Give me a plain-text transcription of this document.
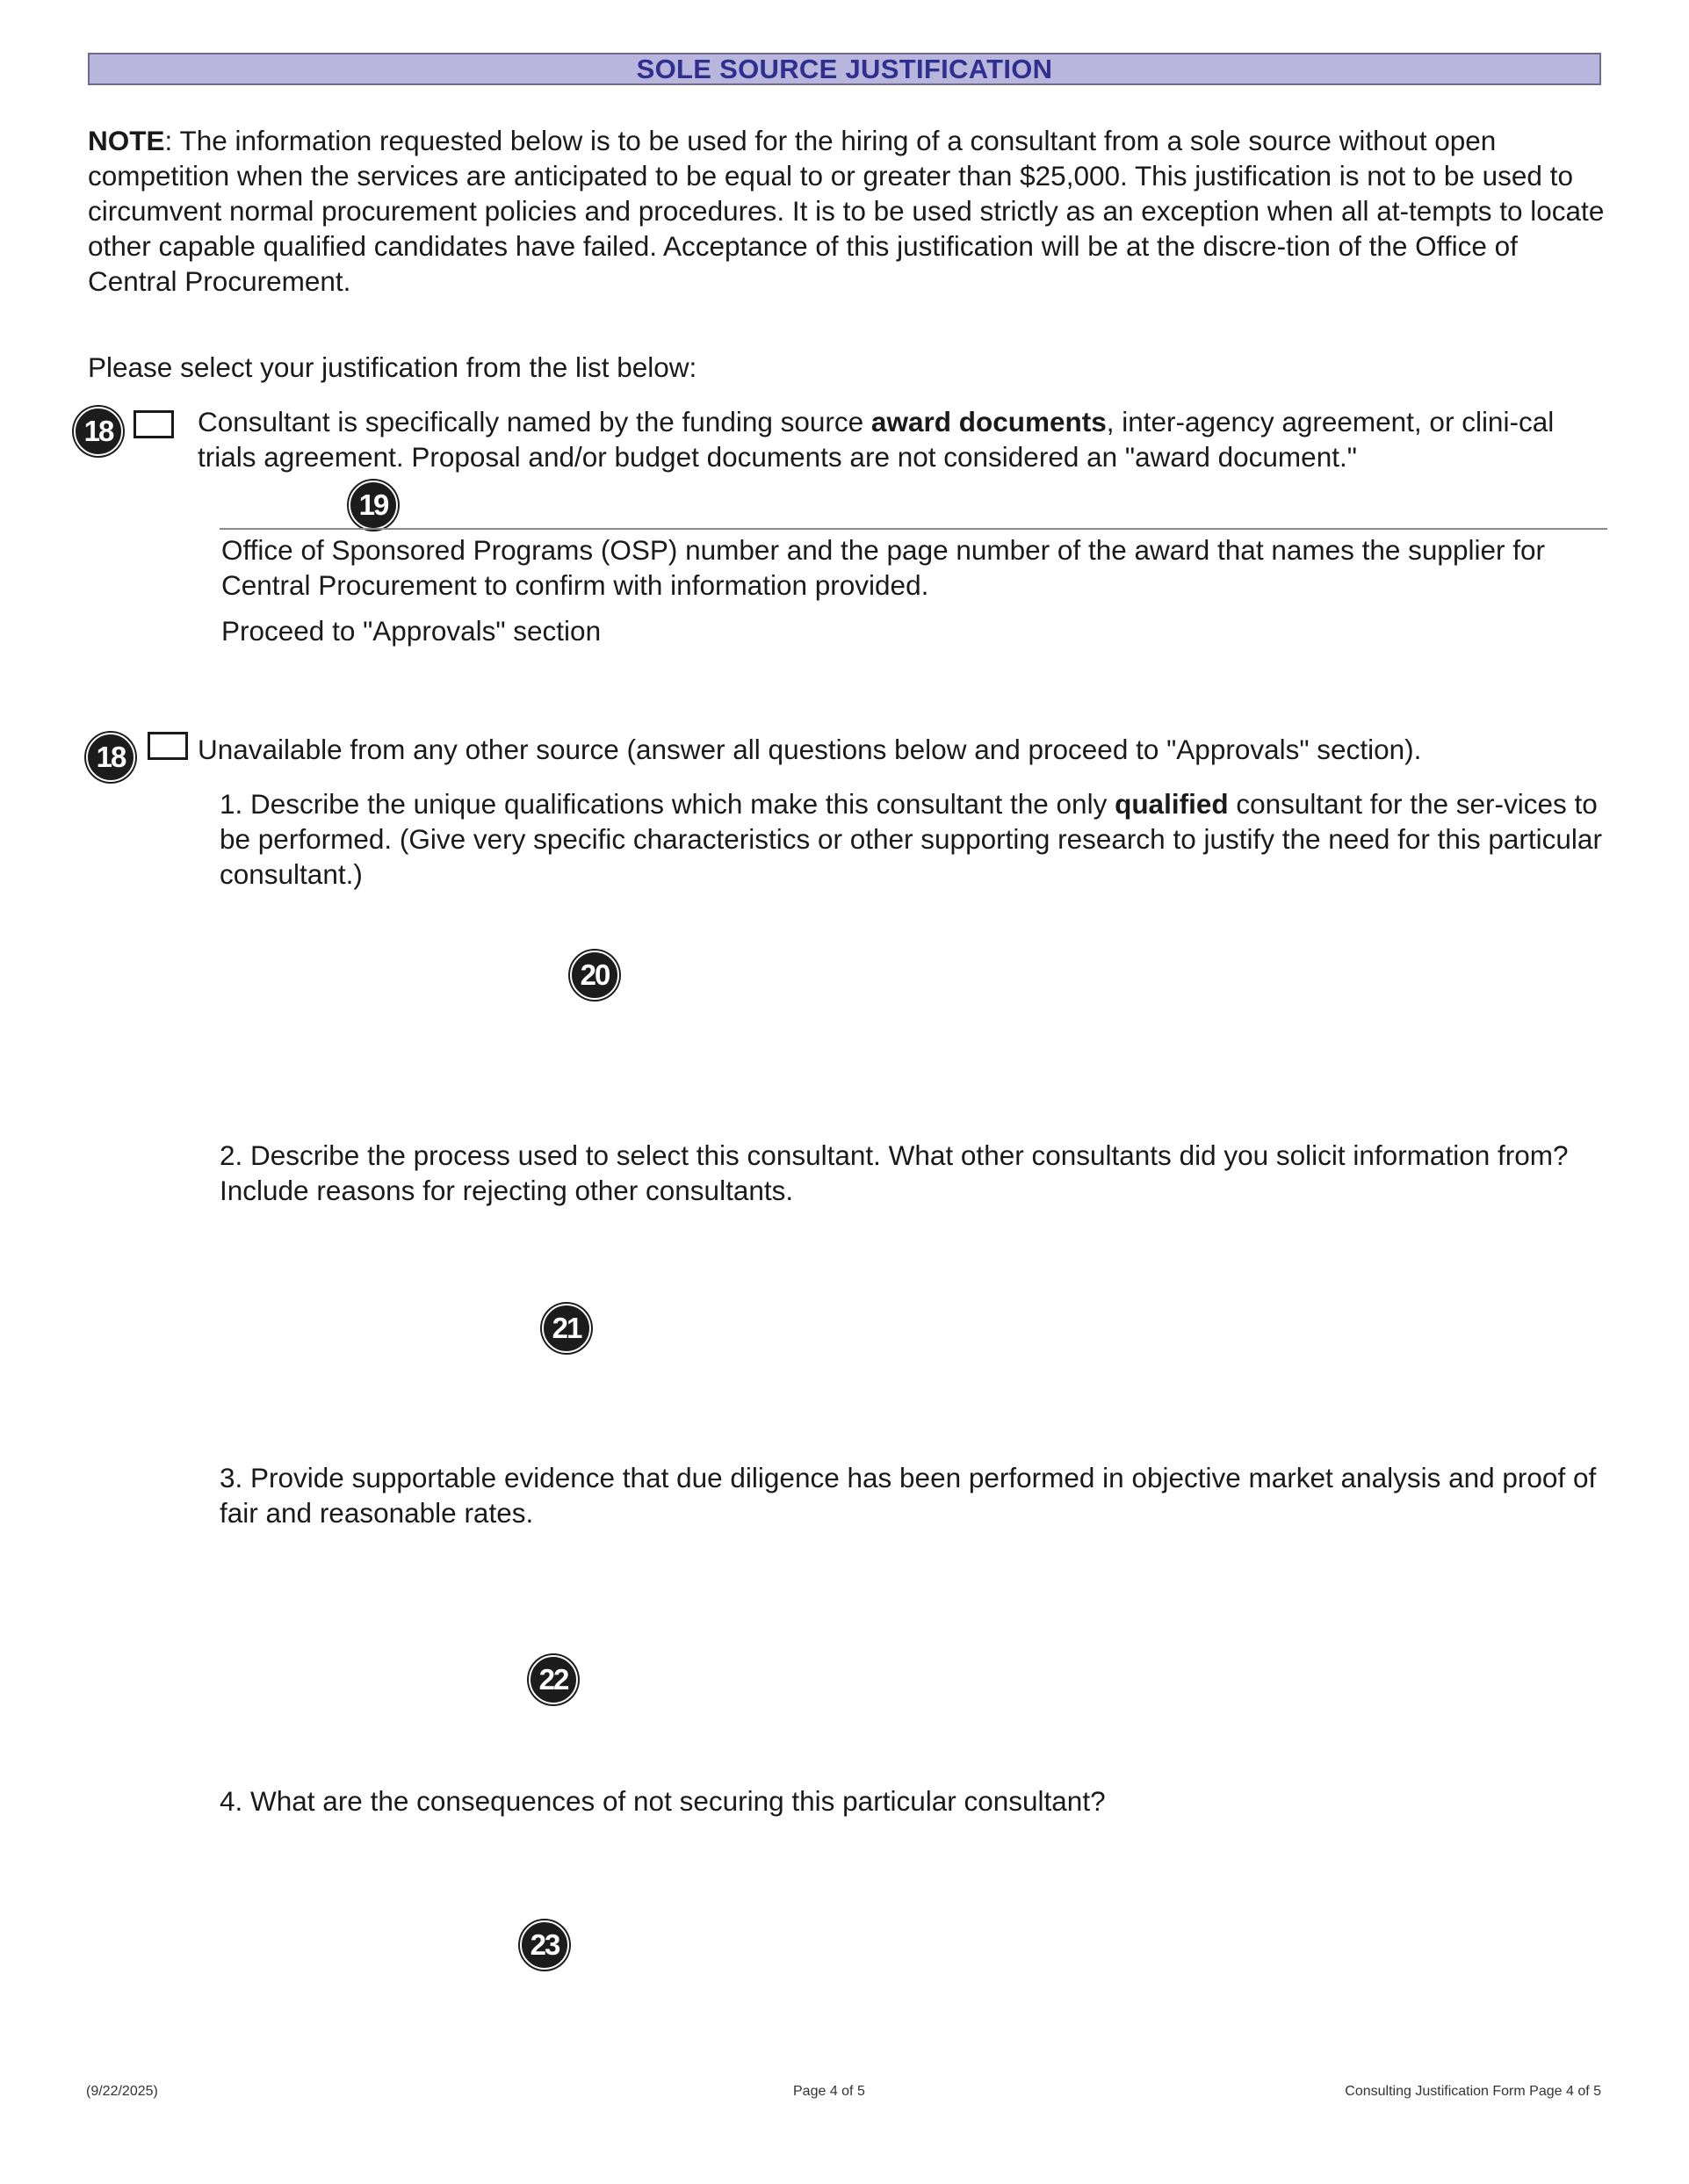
SOLE SOURCE JUSTIFICATION
NOTE: The information requested below is to be used for the hiring of a consultant from a sole source without open competition when the services are anticipated to be equal to or greater than $25,000. This justification is not to be used to circumvent normal procurement policies and procedures. It is to be used strictly as an exception when all at-tempts to locate other capable qualified candidates have failed. Acceptance of this justification will be at the discre-tion of the Office of Central Procurement.
Please select your justification from the list below:
18	Consultant is specifically named by the funding source award documents, inter-agency agreement, or clini-cal trials agreement. Proposal and/or budget documents are not considered an "award document."
19
Office of Sponsored Programs (OSP) number and the page number of the award that names the supplier for Central Procurement to confirm with information provided.
Proceed to "Approvals" section
18	Unavailable from any other source (answer all questions below and proceed to "Approvals" section).
1. Describe the unique qualifications which make this consultant the only qualified consultant for the ser-vices to be performed. (Give very specific characteristics or other supporting research to justify the need for this particular consultant.)
20
2. Describe the process used to select this consultant. What other consultants did you solicit information from? Include reasons for rejecting other consultants.
21
3. Provide supportable evidence that due diligence has been performed in objective market analysis and proof of fair and reasonable rates.
22
4. What are the consequences of not securing this particular consultant?
23
(9/22/2025)	Page 4 of 5	Consulting Justification Form Page 4 of 5
